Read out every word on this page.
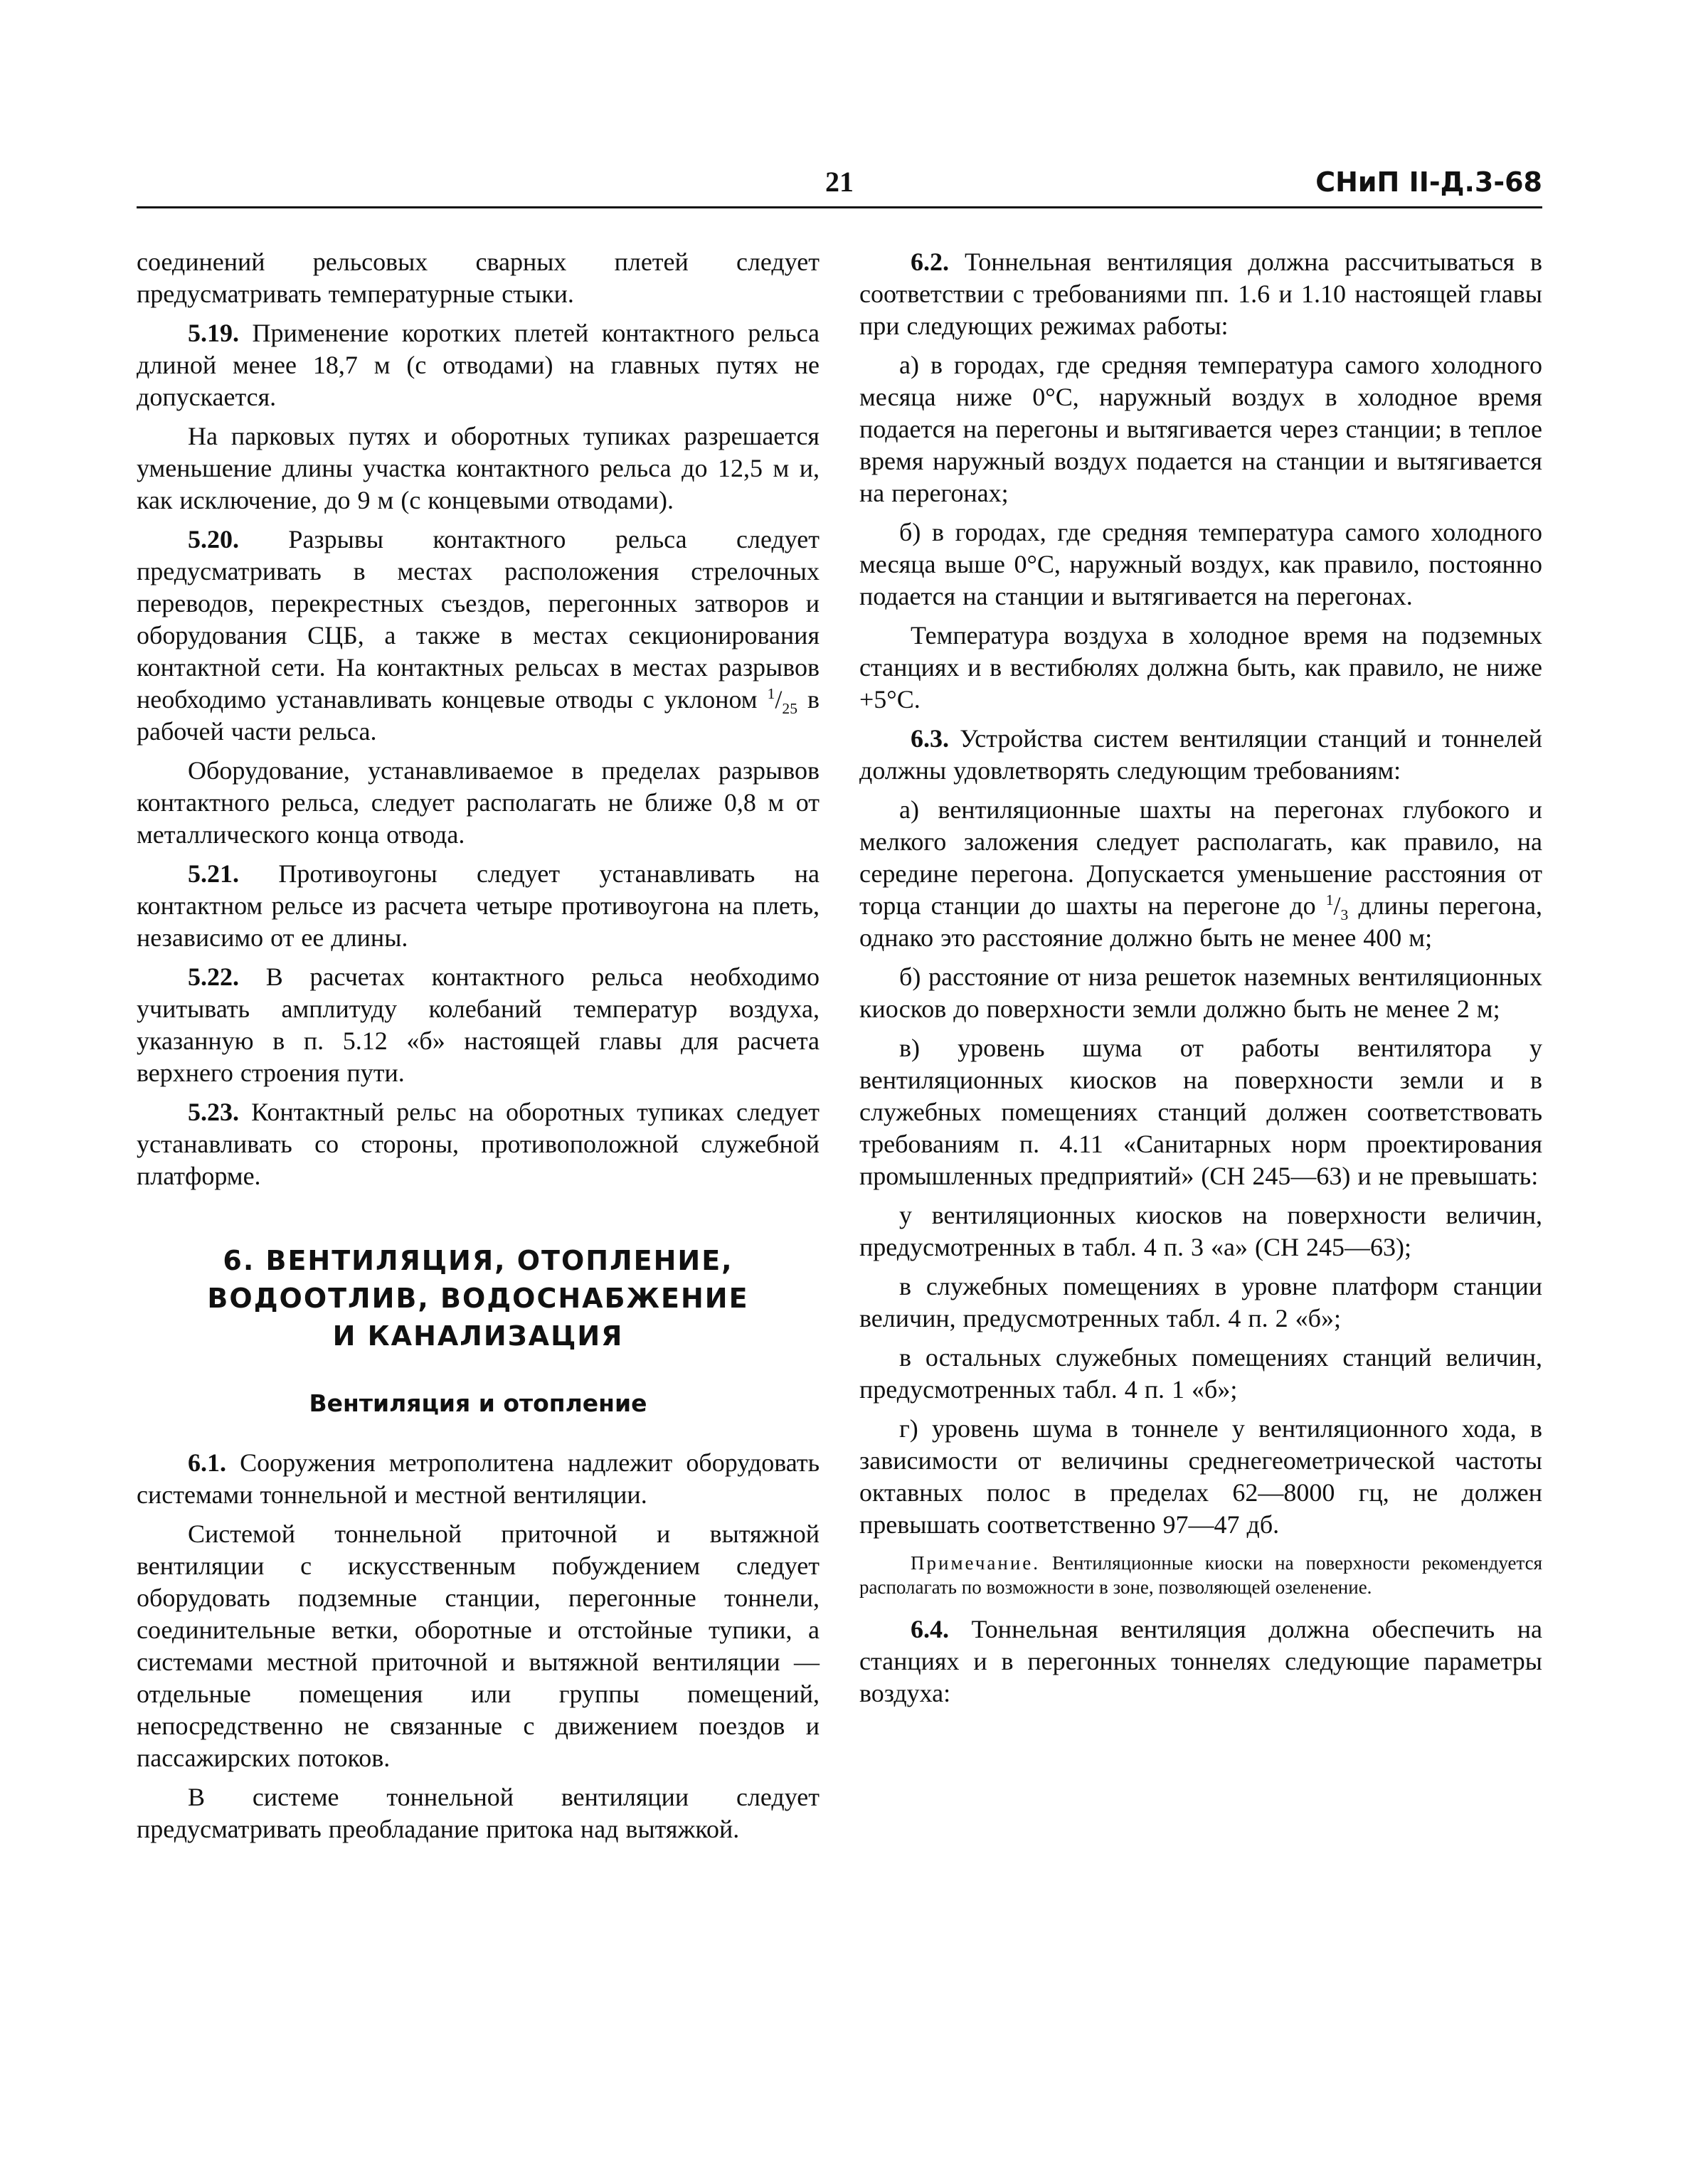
21	СНиП II-Д.3-68

соединений рельсовых сварных плетей следует предусматривать температурные стыки.

5.19. Применение коротких плетей контактного рельса длиной менее 18,7 м (с отводами) на главных путях не допускается.

На парковых путях и оборотных тупиках разрешается уменьшение длины участка контактного рельса до 12,5 м и, как исключение, до 9 м (с концевыми отводами).

5.20. Разрывы контактного рельса следует предусматривать в местах расположения стрелочных переводов, перекрестных съездов, перегонных затворов и оборудования СЦБ, а также в местах секционирования контактной сети. На контактных рельсах в местах разрывов необходимо устанавливать концевые отводы с уклоном $^1/_{25}$ в рабочей части рельса.

Оборудование, устанавливаемое в пределах разрывов контактного рельса, следует располагать не ближе 0,8 м от металлического конца отвода.

5.21. Противоугоны следует устанавливать на контактном рельсе из расчета четыре противоугона на плеть, независимо от ее длины.

5.22. В расчетах контактного рельса необходимо учитывать амплитуду колебаний температур воздуха, указанную в п. 5.12 «б» настоящей главы для расчета верхнего строения пути.

5.23. Контактный рельс на оборотных тупиках следует устанавливать со стороны, противоположной служебной платформе.

6. ВЕНТИЛЯЦИЯ, ОТОПЛЕНИЕ,
ВОДООТЛИВ, ВОДОСНАБЖЕНИЕ
И КАНАЛИЗАЦИЯ
Вентиляция и отопление

6.1. Сооружения метрополитена надлежит оборудовать системами тоннельной и местной вентиляции.

Системой тоннельной приточной и вытяжной вентиляции с искусственным побуждением следует оборудовать подземные станции, перегонные тоннели, соединительные ветки, оборотные и отстойные тупики, а системами местной приточной и вытяжной вентиляции — отдельные помещения или группы помещений, непосредственно не связанные с движением поездов и пассажирских потоков.

В системе тоннельной вентиляции следует предусматривать преобладание притока над вытяжкой.

6.2. Тоннельная вентиляция должна рассчитываться в соответствии с требованиями пп. 1.6 и 1.10 настоящей главы при следующих режимах работы:

а) в городах, где средняя температура самого холодного месяца ниже 0°С, наружный воздух в холодное время подается на перегоны и вытягивается через станции; в теплое время наружный воздух подается на станции и вытягивается на перегонах;

б) в городах, где средняя температура самого холодного месяца выше 0°С, наружный воздух, как правило, постоянно подается на станции и вытягивается на перегонах.

Температура воздуха в холодное время на подземных станциях и в вестибюлях должна быть, как правило, не ниже +5°С.

6.3. Устройства систем вентиляции станций и тоннелей должны удовлетворять следующим требованиям:

а) вентиляционные шахты на перегонах глубокого и мелкого заложения следует располагать, как правило, на середине перегона. Допускается уменьшение расстояния от торца станции до шахты на перегоне до $^1/_3$ длины перегона, однако это расстояние должно быть не менее 400 м;

б) расстояние от низа решеток наземных вентиляционных киосков до поверхности земли должно быть не менее 2 м;

в) уровень шума от работы вентилятора у вентиляционных киосков на поверхности земли и в служебных помещениях станций должен соответствовать требованиям п. 4.11 «Санитарных норм проектирования промышленных предприятий» (СН 245—63) и не превышать:

у вентиляционных киосков на поверхности величин, предусмотренных в табл. 4 п. 3 «а» (СН 245—63);

в служебных помещениях в уровне платформ станции величин, предусмотренных табл. 4 п. 2 «б»;

в остальных служебных помещениях станций величин, предусмотренных табл. 4 п. 1 «б»;

г) уровень шума в тоннеле у вентиляционного хода, в зависимости от величины среднегеометрической частоты октавных полос в пределах 62—8000 гц, не должен превышать соответственно 97—47 дб.

Примечание. Вентиляционные киоски на поверхности рекомендуется располагать по возможности в зоне, позволяющей озеленение.

6.4. Тоннельная вентиляция должна обеспечить на станциях и в перегонных тоннелях следующие параметры воздуха:
